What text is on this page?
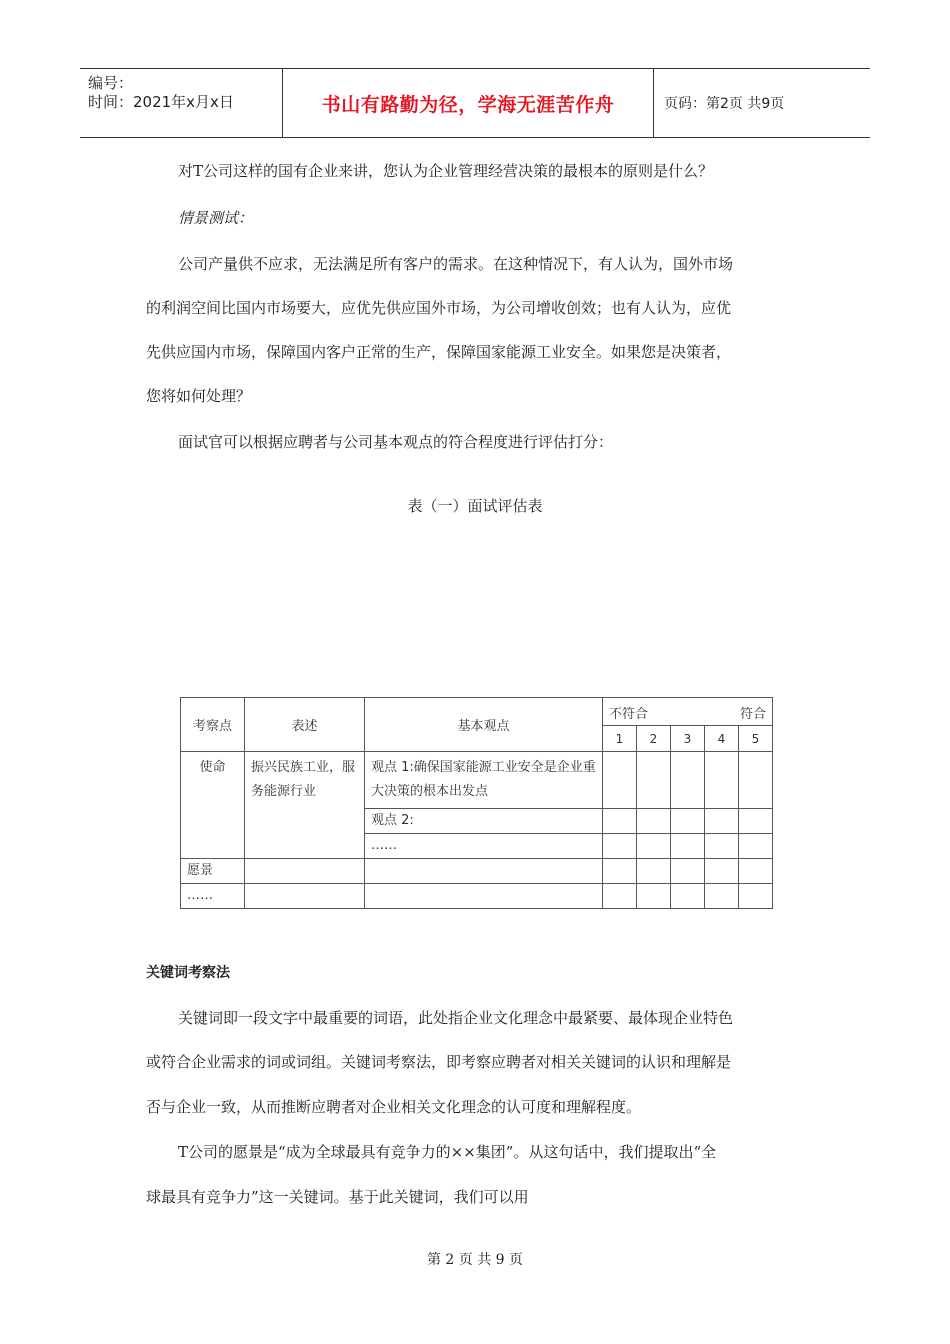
编号：
时间：2021年x月x日	书山有路勤为径，学海无涯苦作舟	页码：第2页 共9页
对T公司这样的国有企业来讲，您认为企业管理经营决策的最根本的原则是什么？
情景测试：
公司产量供不应求，无法满足所有客户的需求。在这种情况下，有人认为，国外市场
的利润空间比国内市场要大，应优先供应国外市场，为公司增收创效；也有人认为，应优
先供应国内市场，保障国内客户正常的生产，保障国家能源工业安全。如果您是决策者，
您将如何处理？
面试官可以根据应聘者与公司基本观点的符合程度进行评估打分：
表（一）面试评估表
考察点	表述	基本观点	不符合 符合				

			1	2	3	4	5
使命	振兴民族工业，服务能源行业	观点 1:确保国家能源工业安全是企业重大决策的根本出发点					
		观点 2:					
		……					
愿景							
……							
关键词考察法
关键词即一段文字中最重要的词语，此处指企业文化理念中最紧要、最体现企业特色
或符合企业需求的词或词组。关键词考察法，即考察应聘者对相关关键词的认识和理解是
否与企业一致，从而推断应聘者对企业相关文化理念的认可度和理解程度。
T公司的愿景是“成为全球最具有竞争力的××集团”。从这句话中，我们提取出“全
球最具有竞争力”这一关键词。基于此关键词，我们可以用
第 2 页 共 9 页
